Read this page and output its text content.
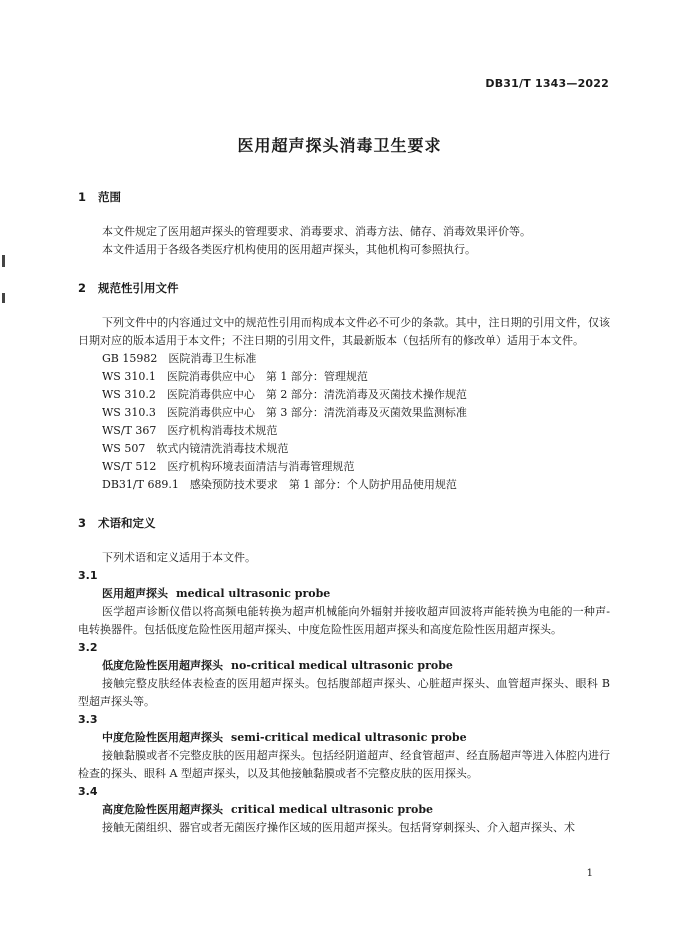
DB31/T 1343—2022
医用超声探头消毒卫生要求
1 范围

本文件规定了医用超声探头的管理要求、消毒要求、消毒方法、储存、消毒效果评价等。

本文件适用于各级各类医疗机构使用的医用超声探头，其他机构可参照执行。

2 规范性引用文件

下列文件中的内容通过文中的规范性引用而构成本文件必不可少的条款。其中，注日期的引用文件，仅该日期对应的版本适用于本文件；不注日期的引用文件，其最新版本（包括所有的修改单）适用于本文件。

GB 15982　医院消毒卫生标准

WS 310.1　医院消毒供应中心　第 1 部分：管理规范

WS 310.2　医院消毒供应中心　第 2 部分：清洗消毒及灭菌技术操作规范

WS 310.3　医院消毒供应中心　第 3 部分：清洗消毒及灭菌效果监测标准

WS/T 367　医疗机构消毒技术规范

WS 507　软式内镜清洗消毒技术规范

WS/T 512　医疗机构环境表面清洁与消毒管理规范

DB31/T 689.1　感染预防技术要求　第 1 部分：个人防护用品使用规范

3 术语和定义

下列术语和定义适用于本文件。

3.1
医用超声探头 medical ultrasonic probe

医学超声诊断仪借以将高频电能转换为超声机械能向外辐射并接收超声回波将声能转换为电能的一种声-电转换器件。包括低度危险性医用超声探头、中度危险性医用超声探头和高度危险性医用超声探头。

3.2
低度危险性医用超声探头 no-critical medical ultrasonic probe

接触完整皮肤经体表检查的医用超声探头。包括腹部超声探头、心脏超声探头、血管超声探头、眼科 B 型超声探头等。

3.3
中度危险性医用超声探头 semi-critical medical ultrasonic probe

接触黏膜或者不完整皮肤的医用超声探头。包括经阴道超声、经食管超声、经直肠超声等进入体腔内进行检查的探头、眼科 A 型超声探头，以及其他接触黏膜或者不完整皮肤的医用探头。

3.4
高度危险性医用超声探头 critical medical ultrasonic probe

接触无菌组织、器官或者无菌医疗操作区域的医用超声探头。包括肾穿刺探头、介入超声探头、术

1
